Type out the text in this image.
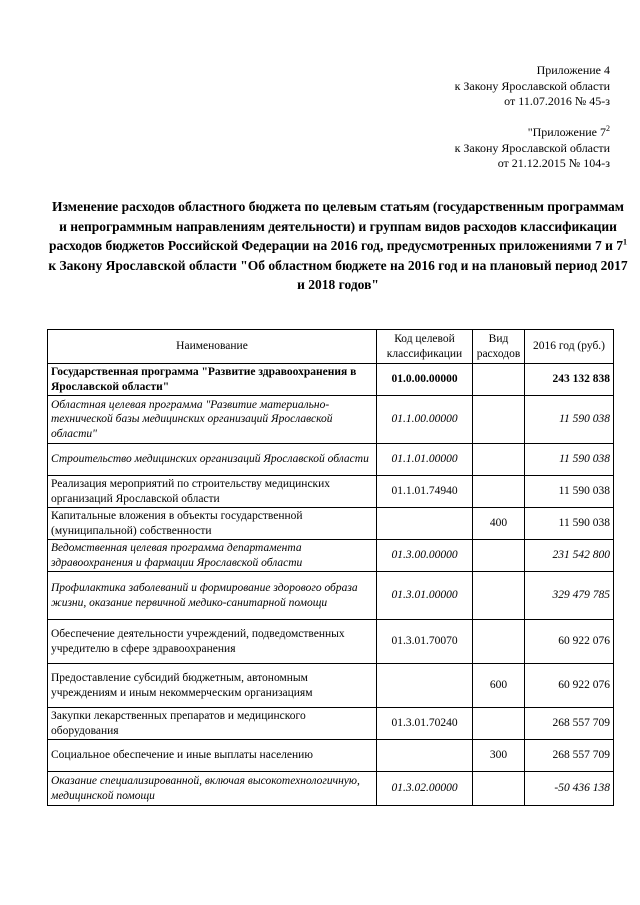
Приложение 4
к Закону Ярославской области
от 11.07.2016 № 45-з
"Приложение $7^2$
к Закону Ярославской области
от 21.12.2015 № 104-з
Изменение расходов областного бюджета по целевым статьям (государственным программам и непрограммным направлениям деятельности) и группам видов расходов классификации расходов бюджетов Российской Федерации на 2016 год, предусмотренных приложениями 7 и $7^1$ к Закону Ярославской области "Об областном бюджете на 2016 год и на плановый период 2017 и 2018 годов"
Наименование	Код целевой классификации	Вид расходов	2016 год (руб.)
Государственная программа "Развитие здравоохранения в Ярославской области"	01.0.00.00000		243 132 838
Областная целевая программа "Развитие материально-технической базы медицинских организаций Ярославской области"	01.1.00.00000		11 590 038
Строительство медицинских организаций Ярославской области	01.1.01.00000		11 590 038
Реализация мероприятий по строительству медицинских организаций Ярославской области	01.1.01.74940		11 590 038
Капитальные вложения в объекты государственной (муниципальной) собственности		400	11 590 038
Ведомственная целевая программа департамента здравоохранения и фармации Ярославской области	01.3.00.00000		231 542 800
Профилактика заболеваний и формирование здорового образа жизни, оказание первичной медико-санитарной помощи	01.3.01.00000		329 479 785
Обеспечение деятельности учреждений, подведомственных учредителю в сфере здравоохранения	01.3.01.70070		60 922 076
Предоставление субсидий бюджетным, автономным учреждениям и иным некоммерческим организациям		600	60 922 076
Закупки лекарственных препаратов и медицинского оборудования	01.3.01.70240		268 557 709
Социальное обеспечение и иные выплаты населению		300	268 557 709
Оказание специализированной, включая высокотехнологичную, медицинской помощи	01.3.02.00000		-50 436 138
